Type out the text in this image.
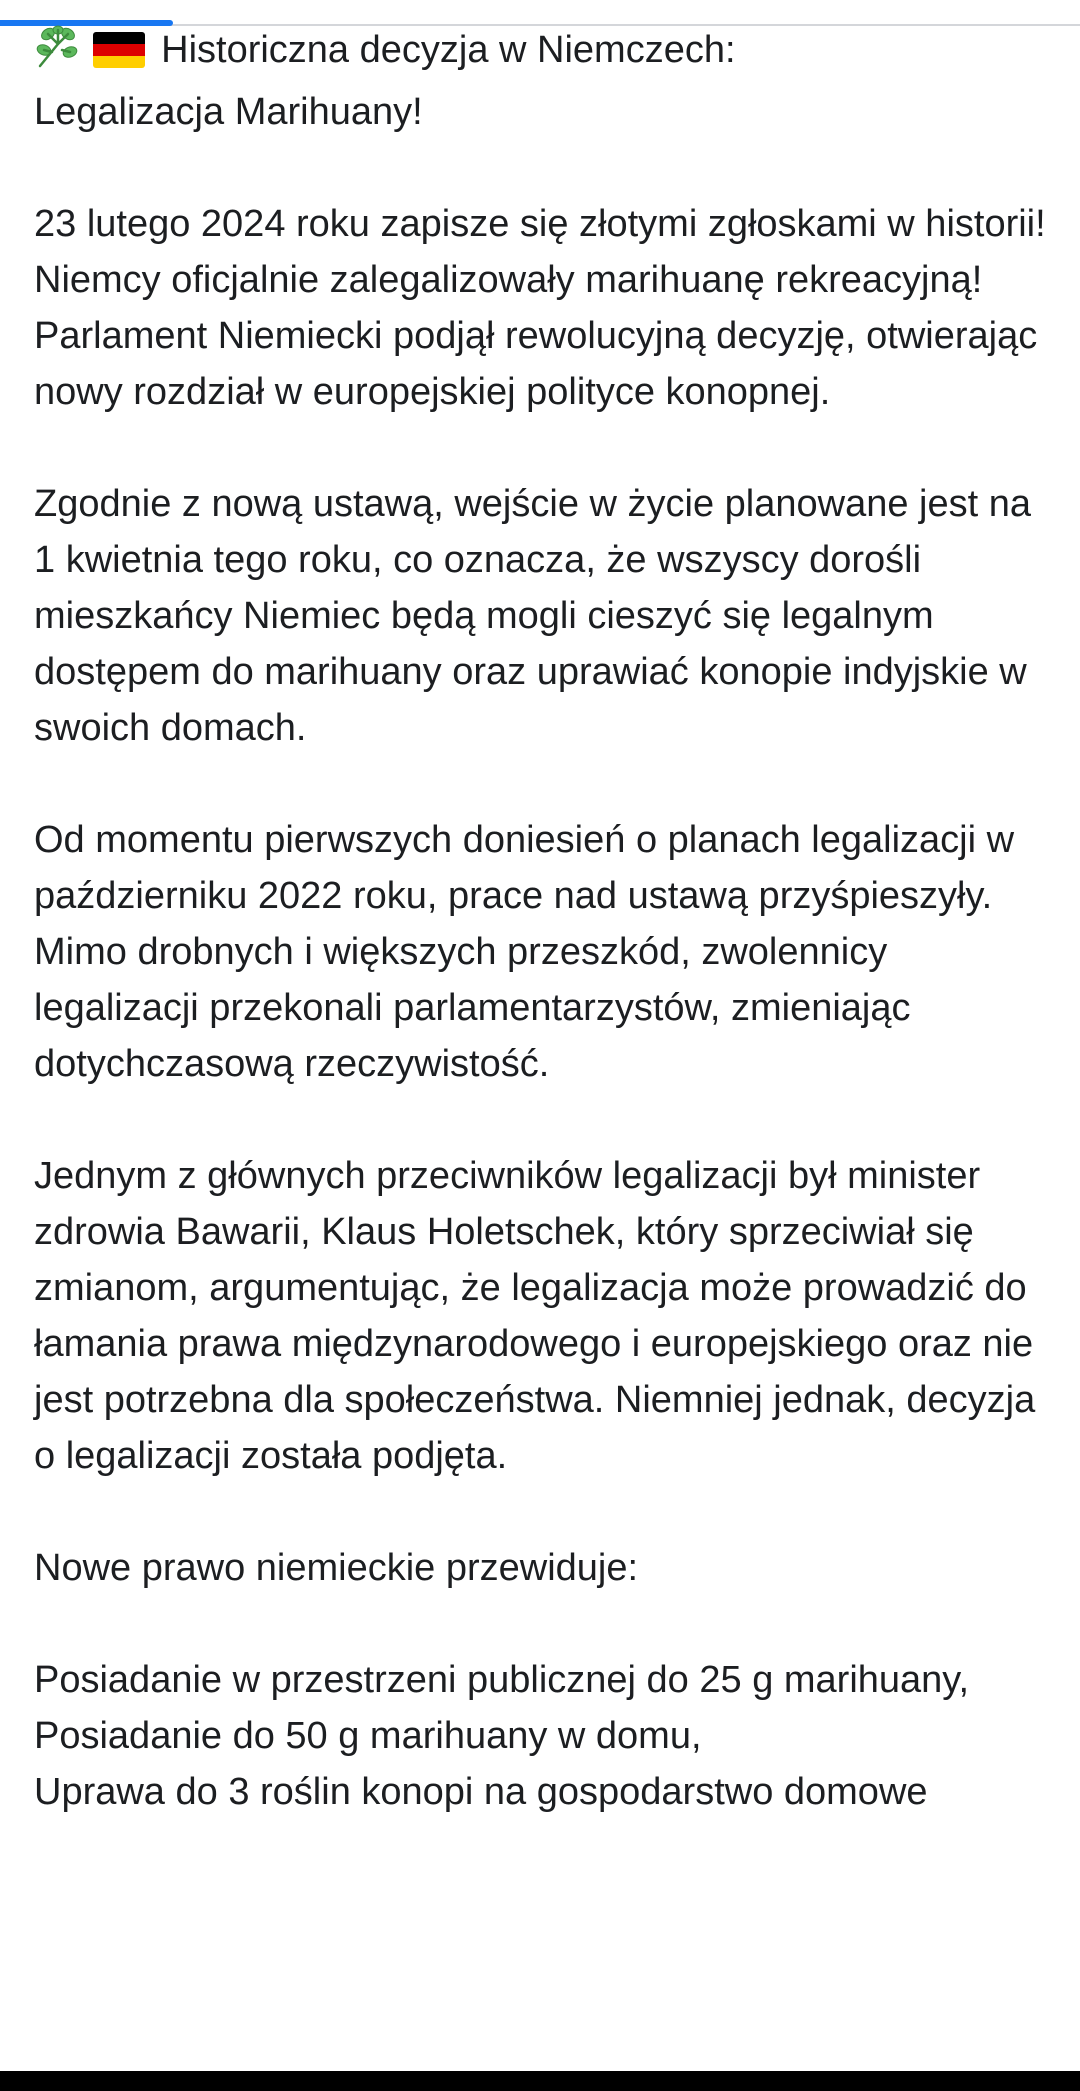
Historiczna decyzja w Niemczech:
Legalizacja Marihuany!

23 lutego 2024 roku zapisze się złotymi zgłoskami w historii! Niemcy oficjalnie zalegalizowały marihuanę rekreacyjną! Parlament Niemiecki podjął rewolucyjną decyzję, otwierając nowy rozdział w europejskiej polityce konopnej.

Zgodnie z nową ustawą, wejście w życie planowane jest na 1 kwietnia tego roku, co oznacza, że wszyscy dorośli mieszkańcy Niemiec będą mogli cieszyć się legalnym dostępem do marihuany oraz uprawiać konopie indyjskie w swoich domach.

Od momentu pierwszych doniesień o planach legalizacji w październiku 2022 roku, prace nad ustawą przyśpieszyły. Mimo drobnych i większych przeszkód, zwolennicy legalizacji przekonali parlamentarzystów, zmieniając dotychczasową rzeczywistość.

Jednym z głównych przeciwników legalizacji był minister zdrowia Bawarii, Klaus Holetschek, który sprzeciwiał się zmianom, argumentując, że legalizacja może prowadzić do łamania prawa międzynarodowego i europejskiego oraz nie jest potrzebna dla społeczeństwa. Niemniej jednak, decyzja o legalizacji została podjęta.

Nowe prawo niemieckie przewiduje:

Posiadanie w przestrzeni publicznej do 25 g marihuany,

Posiadanie do 50 g marihuany w domu,

Uprawa do 3 roślin konopi na gospodarstwo domowe
